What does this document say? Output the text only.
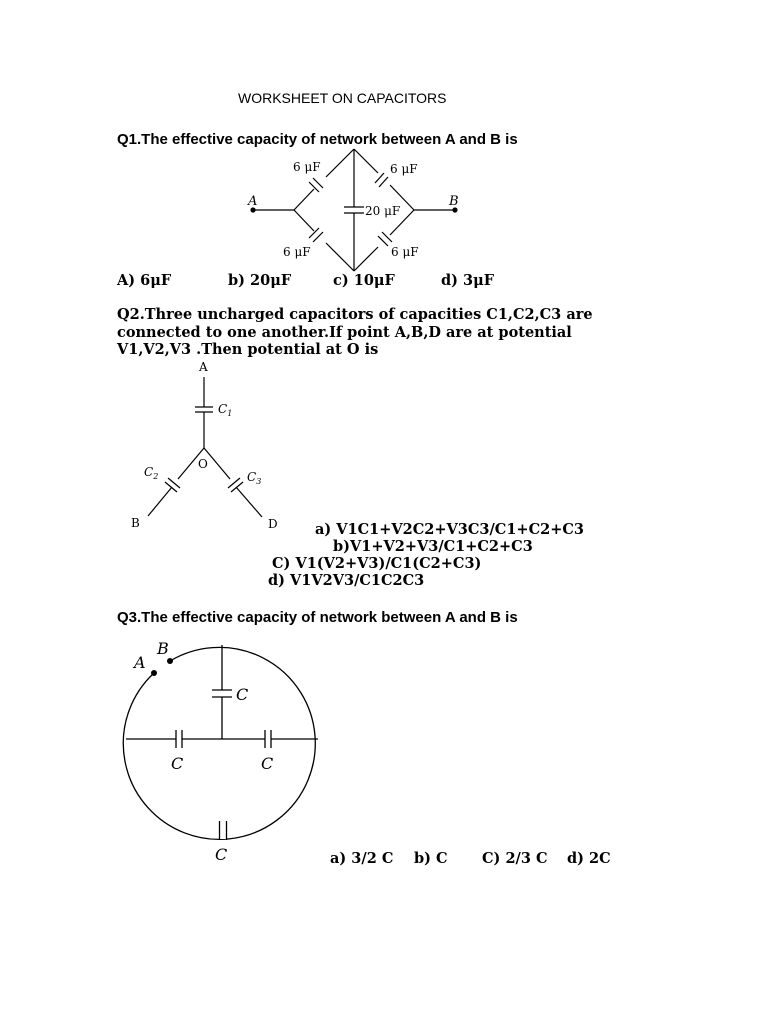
WORKSHEET ON CAPACITORS
Q1.The effective capacity of network between A and B is
A	B
6 μF	6 μF
20 μF
6 μF	6 μF
A) 6μF	b) 20μF	c) 10μF	d) 3μF
Q2.Three uncharged capacitors of capacities C1,C2,C3 are
connected to one another.If point A,B,D are at potential
V1,V2,V3 .Then potential at O is
A
O
B	D
$C_1$
$C_2$	$C_3$
a) V1C1+V2C2+V3C3/C1+C2+C3
b)V1+V2+V3/C1+C2+C3
C) V1(V2+V3)/C1(C2+C3)
d) V1V2V3/C1C2C3
Q3.The effective capacity of network between A and B is
A
B
C
C	C
C	a) 3/2 C b) C C) 2/3 C d) 2C
